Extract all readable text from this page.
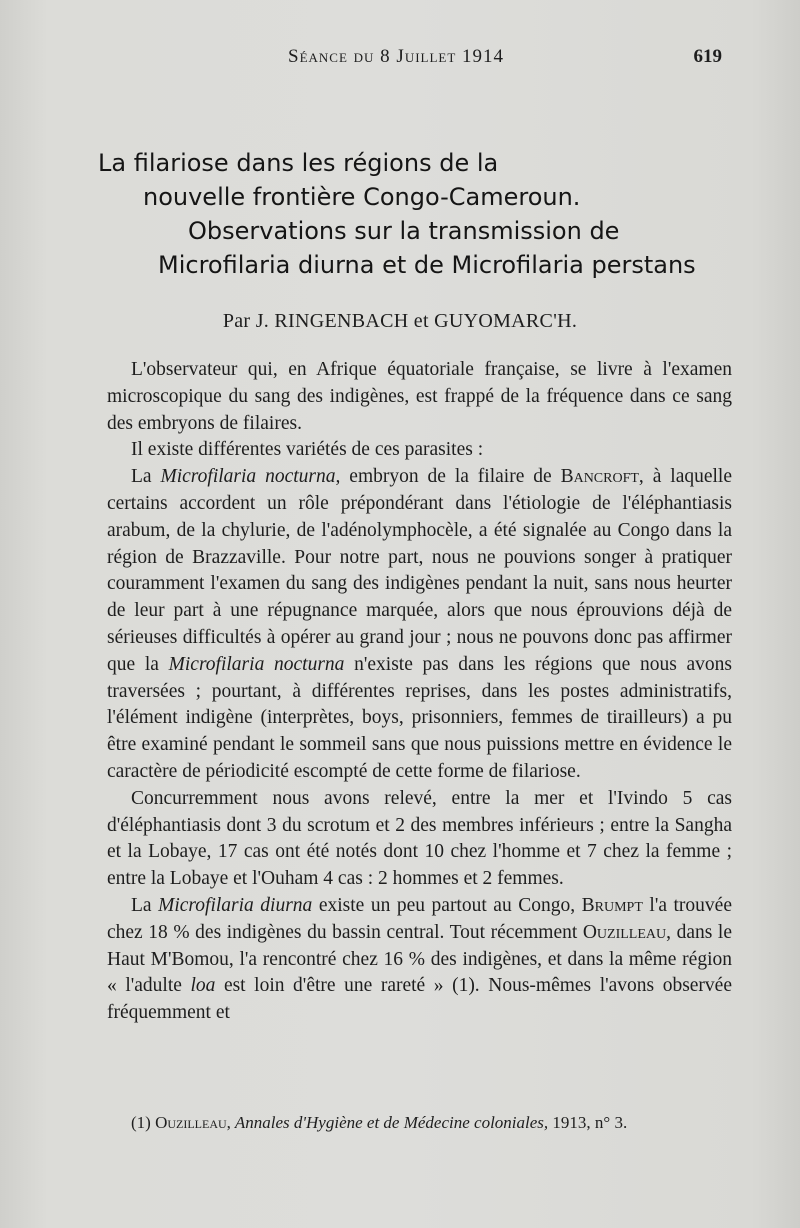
Séance du 8 Juillet 1914	619
La filariose dans les régions de la
nouvelle frontière Congo-Cameroun.
Observations sur la transmission de
Microfilaria diurna et de Microfilaria perstans
Par J. RINGENBACH et GUYOMARC'H.

L'observateur qui, en Afrique équatoriale française, se livre à l'examen microscopique du sang des indigènes, est frappé de la fréquence dans ce sang des embryons de filaires.

Il existe différentes variétés de ces parasites :

La Microfilaria nocturna, embryon de la filaire de Bancroft, à laquelle certains accordent un rôle prépondérant dans l'étiologie de l'éléphantiasis arabum, de la chylurie, de l'adénolymphocèle, a été signalée au Congo dans la région de Brazzaville. Pour notre part, nous ne pouvions songer à pratiquer couramment l'examen du sang des indigènes pendant la nuit, sans nous heurter de leur part à une répugnance marquée, alors que nous éprouvions déjà de sérieuses difficultés à opérer au grand jour ; nous ne pouvons donc pas affirmer que la Microfilaria nocturna n'existe pas dans les régions que nous avons traversées ; pourtant, à différentes reprises, dans les postes administratifs, l'élément indigène (interprètes, boys, prisonniers, femmes de tirailleurs) a pu être examiné pendant le sommeil sans que nous puissions mettre en évidence le caractère de périodicité escompté de cette forme de filariose.

Concurremment nous avons relevé, entre la mer et l'Ivindo 5 cas d'éléphantiasis dont 3 du scrotum et 2 des membres inférieurs ; entre la Sangha et la Lobaye, 17 cas ont été notés dont 10 chez l'homme et 7 chez la femme ; entre la Lobaye et l'Ouham 4 cas : 2 hommes et 2 femmes.

La Microfilaria diurna existe un peu partout au Congo, Brumpt l'a trouvée chez 18 % des indigènes du bassin central. Tout récemment Ouzilleau, dans le Haut M'Bomou, l'a rencontré chez 16 % des indigènes, et dans la même région « l'adulte loa est loin d'être une rareté » (1). Nous-mêmes l'avons observée fréquemment et

(1) Ouzilleau, Annales d'Hygiène et de Médecine coloniales, 1913, n° 3.
